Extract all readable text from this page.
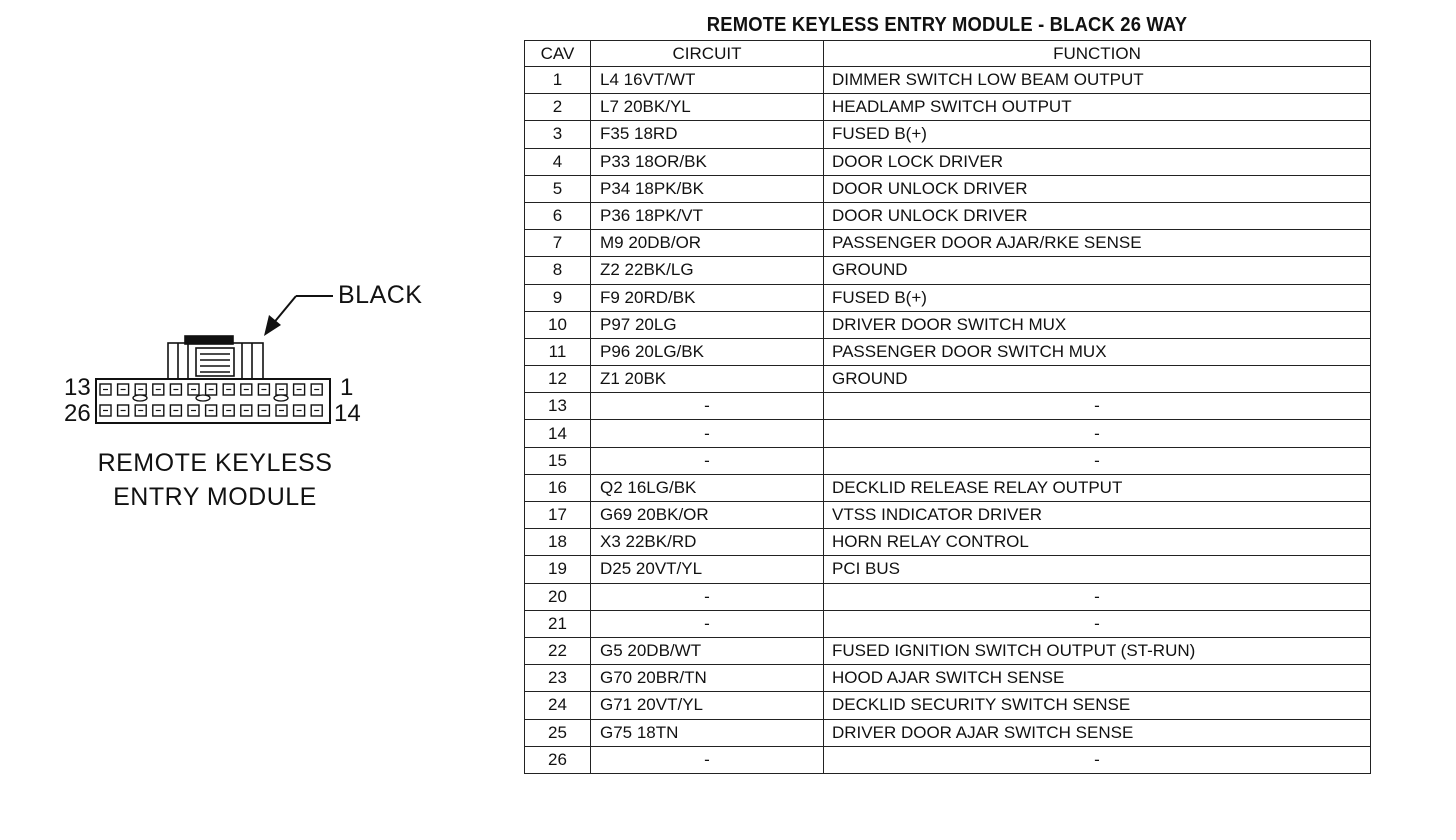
BLACK
13	1
26	14
REMOTE KEYLESS
ENTRY MODULE
REMOTE KEYLESS ENTRY MODULE - BLACK 26 WAY
CAV	CIRCUIT	FUNCTION
1	L4 16VT/WT	DIMMER SWITCH LOW BEAM OUTPUT
2	L7 20BK/YL	HEADLAMP SWITCH OUTPUT
3	F35 18RD	FUSED B(+)
4	P33 18OR/BK	DOOR LOCK DRIVER
5	P34 18PK/BK	DOOR UNLOCK DRIVER
6	P36 18PK/VT	DOOR UNLOCK DRIVER
7	M9 20DB/OR	PASSENGER DOOR AJAR/RKE SENSE
8	Z2 22BK/LG	GROUND
9	F9 20RD/BK	FUSED B(+)
10	P97 20LG	DRIVER DOOR SWITCH MUX
11	P96 20LG/BK	PASSENGER DOOR SWITCH MUX
12	Z1 20BK	GROUND
13	-	-
14	-	-
15	-	-
16	Q2 16LG/BK	DECKLID RELEASE RELAY OUTPUT
17	G69 20BK/OR	VTSS INDICATOR DRIVER
18	X3 22BK/RD	HORN RELAY CONTROL
19	D25 20VT/YL	PCI BUS
20	-	-
21	-	-
22	G5 20DB/WT	FUSED IGNITION SWITCH OUTPUT (ST-RUN)
23	G70 20BR/TN	HOOD AJAR SWITCH SENSE
24	G71 20VT/YL	DECKLID SECURITY SWITCH SENSE
25	G75 18TN	DRIVER DOOR AJAR SWITCH SENSE
26	-	-
